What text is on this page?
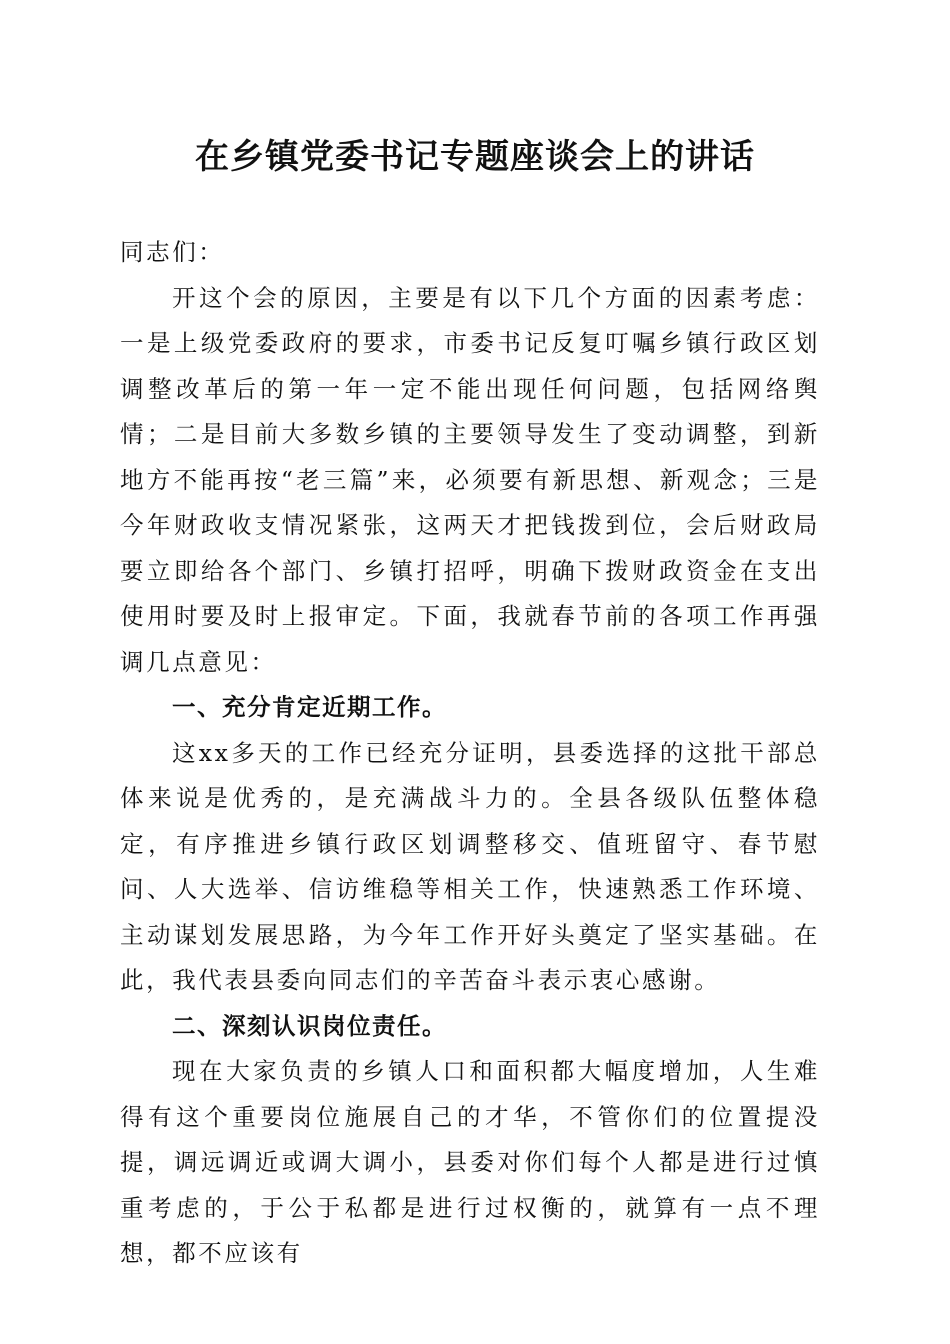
在乡镇党委书记专题座谈会上的讲话

同志们：

开这个会的原因，主要是有以下几个方面的因素考虑：一是上级党委政府的要求，市委书记反复叮嘱乡镇行政区划调整改革后的第一年一定不能出现任何问题，包括网络舆情；二是目前大多数乡镇的主要领导发生了变动调整，到新地方不能再按“老三篇”来，必须要有新思想、新观念；三是今年财政收支情况紧张，这两天才把钱拨到位，会后财政局要立即给各个部门、乡镇打招呼，明确下拨财政资金在支出使用时要及时上报审定。下面，我就春节前的各项工作再强调几点意见：

一、充分肯定近期工作。

这xx多天的工作已经充分证明，县委选择的这批干部总体来说是优秀的，是充满战斗力的。全县各级队伍整体稳定，有序推进乡镇行政区划调整移交、值班留守、春节慰问、人大选举、信访维稳等相关工作，快速熟悉工作环境、主动谋划发展思路，为今年工作开好头奠定了坚实基础。在此，我代表县委向同志们的辛苦奋斗表示衷心感谢。

二、深刻认识岗位责任。

现在大家负责的乡镇人口和面积都大幅度增加，人生难得有这个重要岗位施展自己的才华，不管你们的位置提没提，调远调近或调大调小，县委对你们每个人都是进行过慎重考虑的，于公于私都是进行过权衡的，就算有一点不理想，都不应该有
